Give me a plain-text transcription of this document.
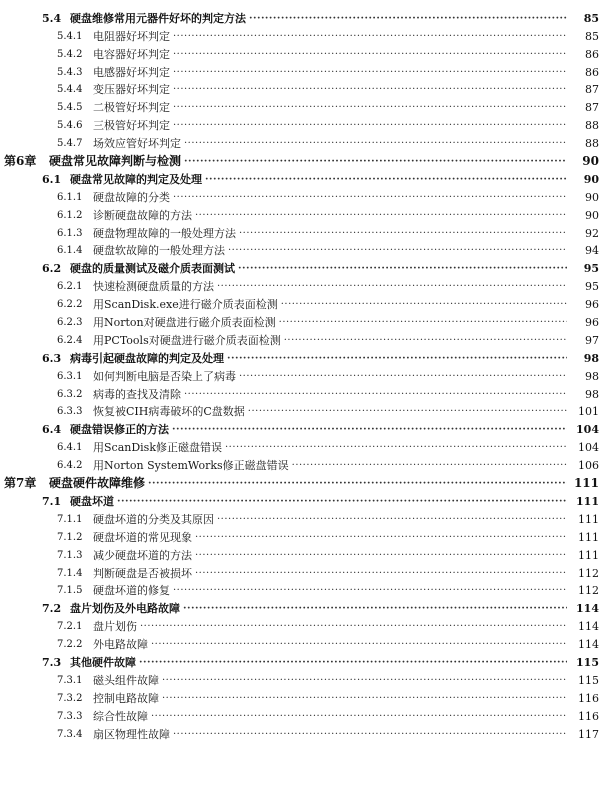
5.4 硬盘维修常用元器件好坏的判定方法 ·····	85
5.4.1 电阻器好坏判定 ·····	85
5.4.2 电容器好坏判定 ·····	86
5.4.3 电感器好坏判定 ·····	86
5.4.4 变压器好坏判定 ·····	87
5.4.5 二极管好坏判定 ·····	87
5.4.6 三极管好坏判定 ·····	88
5.4.7 场效应管好坏判定 ·····	88
第6章	硬盘常见故障判断与检测 ·····	90
6.1 硬盘常见故障的判定及处理 ·····	90
6.1.1 硬盘故障的分类 ·····	90
6.1.2 诊断硬盘故障的方法 ·····	90
6.1.3 硬盘物理故障的一般处理方法 ·····	92
6.1.4 硬盘软故障的一般处理方法 ·····	94
6.2 硬盘的质量测试及磁介质表面测试 ·····	95
6.2.1 快速检测硬盘质量的方法 ·····	95
6.2.2 用ScanDisk.exe进行磁介质表面检测 ·····	96
6.2.3 用Norton对硬盘进行磁介质表面检测 ·····	96
6.2.4 用PCTools对硬盘进行磁介质表面检测 ·····	97
6.3 病毒引起硬盘故障的判定及处理 ·····	98
6.3.1 如何判断电脑是否染上了病毒 ·····	98
6.3.2 病毒的查找及清除 ·····	98
6.3.3 恢复被CIH病毒破坏的C盘数据 ·····	101
6.4 硬盘错误修正的方法 ·····	104
6.4.1 用ScanDisk修正磁盘错误 ·····	104
6.4.2 用Norton SystemWorks修正磁盘错误 ·····	106
第7章	硬盘硬件故障维修 ·····	111
7.1 硬盘坏道 ·····	111
7.1.1 硬盘坏道的分类及其原因 ·····	111
7.1.2 硬盘坏道的常见现象 ·····	111
7.1.3 减少硬盘坏道的方法 ·····	111
7.1.4 判断硬盘是否被损坏 ·····	112
7.1.5 硬盘坏道的修复 ·····	112
7.2 盘片划伤及外电路故障 ·····	114
7.2.1 盘片划伤 ·····	114
7.2.2 外电路故障 ·····	114
7.3 其他硬件故障 ·····	115
7.3.1 磁头组件故障 ·····	115
7.3.2 控制电路故障 ·····	116
7.3.3 综合性故障 ·····	116
7.3.4 扇区物理性故障 ·····	117
